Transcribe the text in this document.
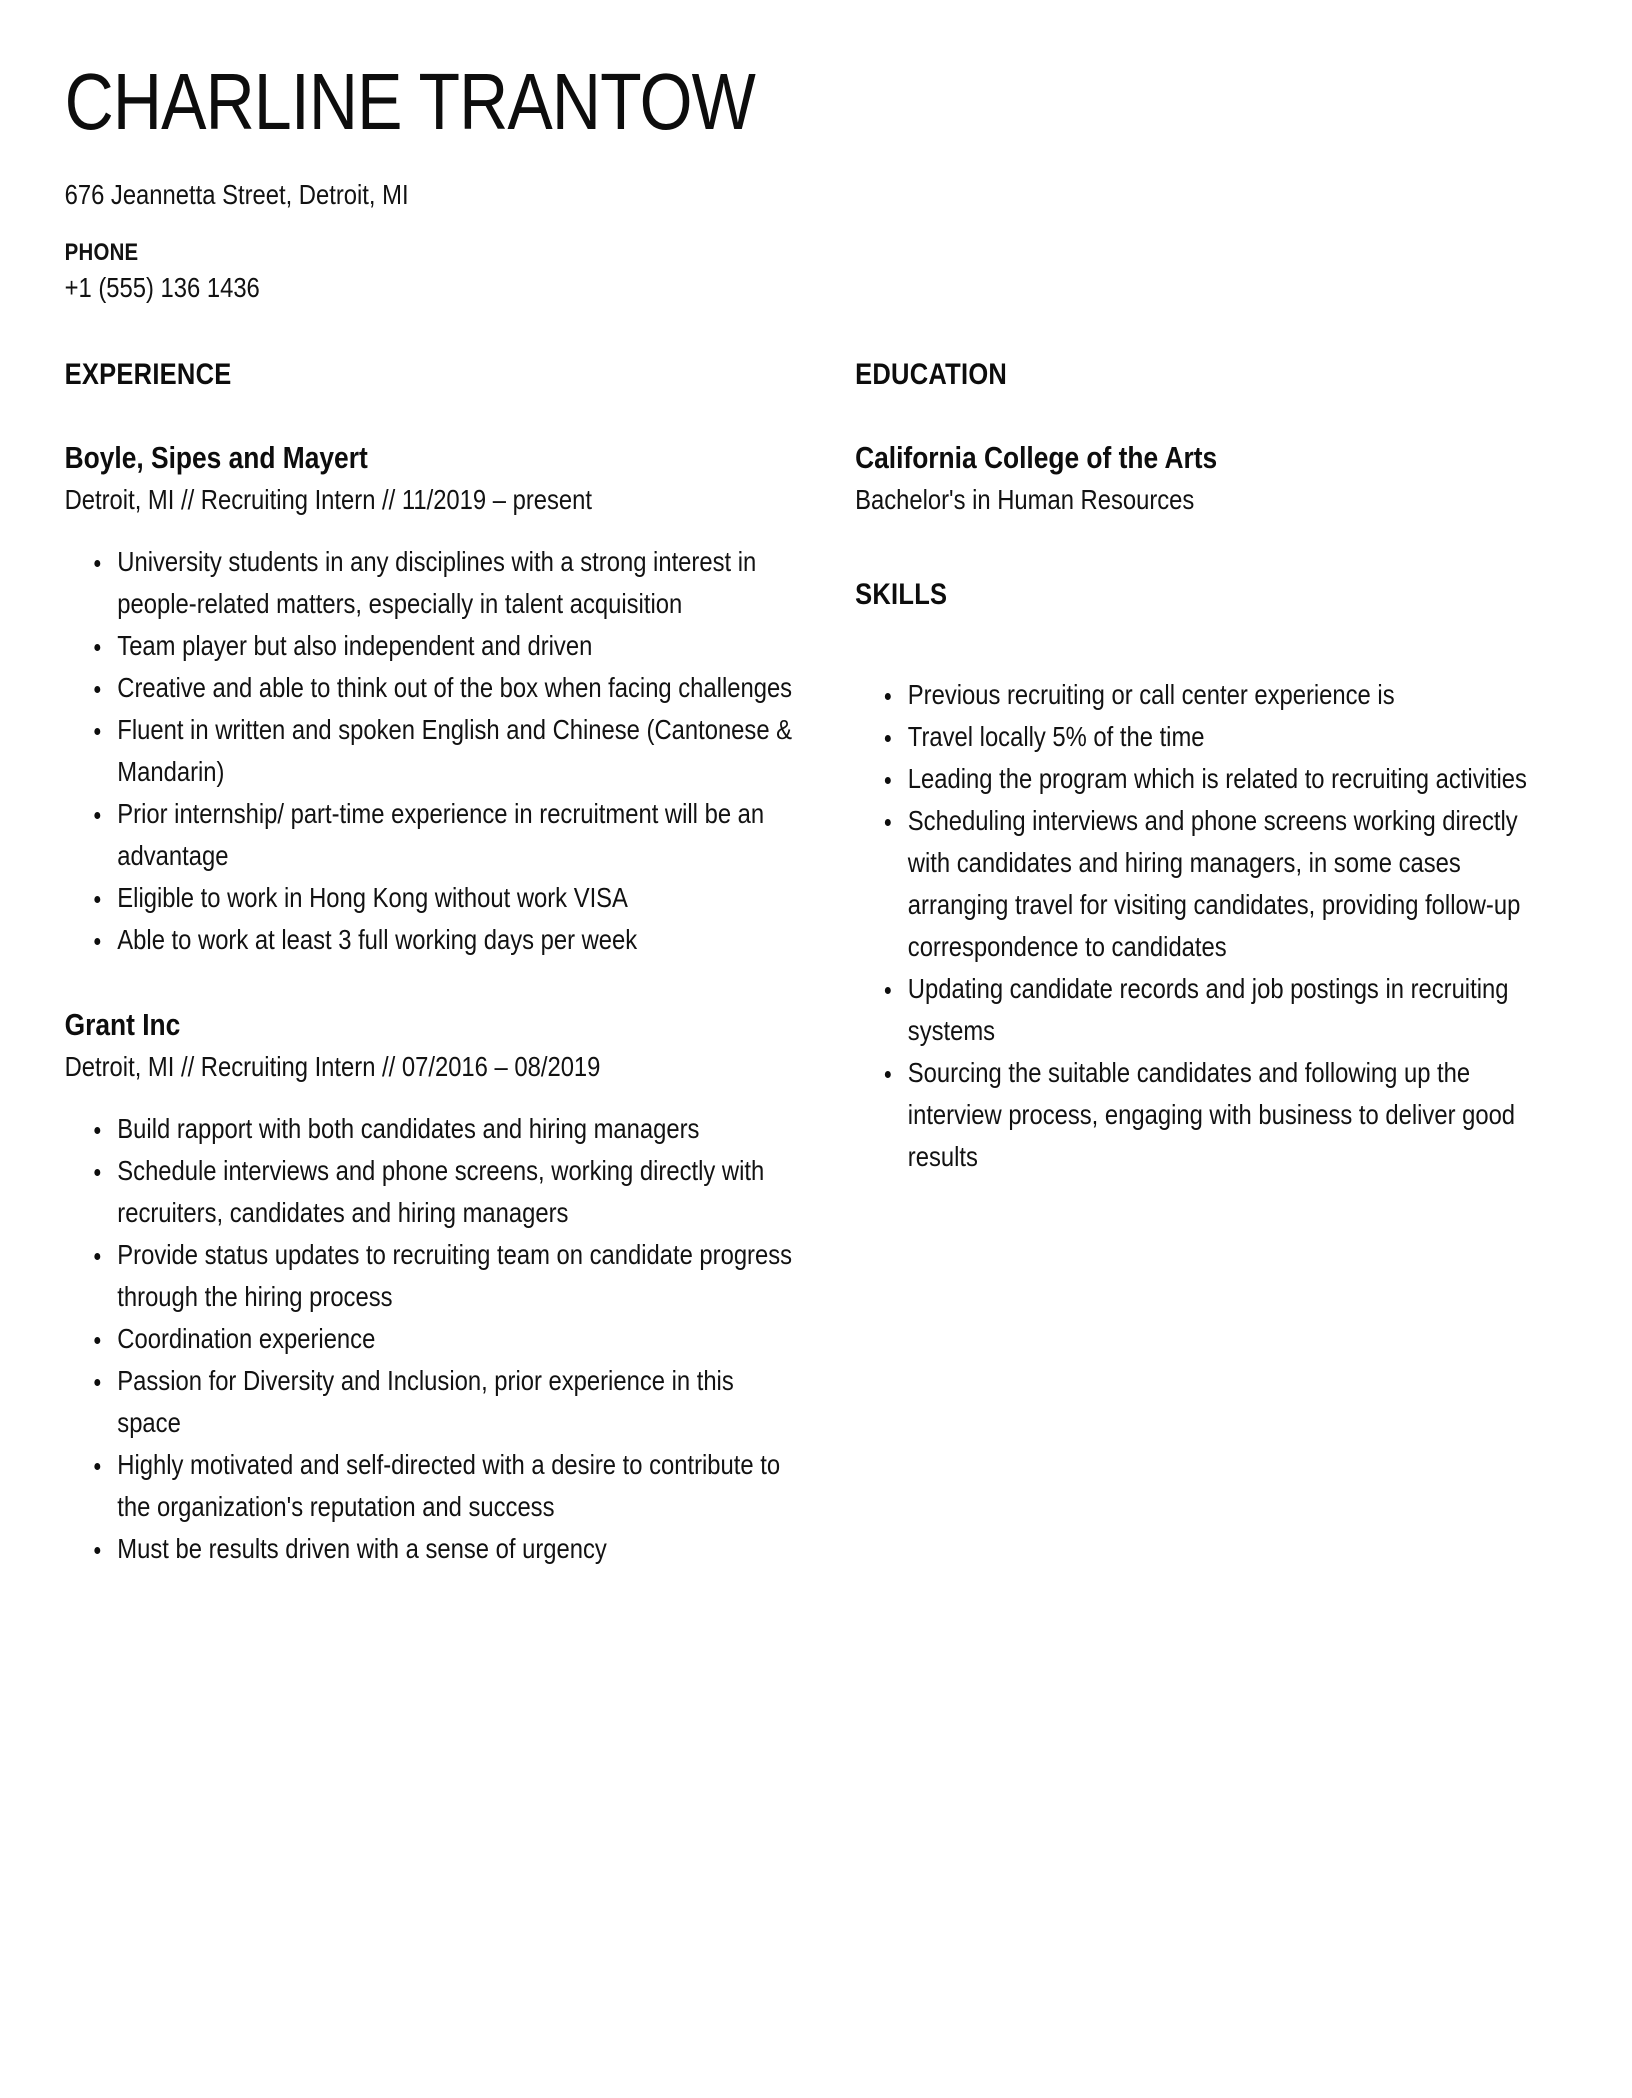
CHARLINE TRANTOW

676 Jeannetta Street, Detroit, MI

PHONE

+1 (555) 136 1436

EXPERIENCE
Boyle, Sipes and Mayert

Detroit, MI // Recruiting Intern // 11/2019 – present

• University students in any disciplines with a strong interest in people-related matters, especially in talent acquisition
• Team player but also independent and driven
• Creative and able to think out of the box when facing challenges
• Fluent in written and spoken English and Chinese (Cantonese & Mandarin)
• Prior internship/ part-time experience in recruitment will be an advantage
• Eligible to work in Hong Kong without work VISA
• Able to work at least 3 full working days per week
Grant Inc

Detroit, MI // Recruiting Intern // 07/2016 – 08/2019

• Build rapport with both candidates and hiring managers
• Schedule interviews and phone screens, working directly with recruiters, candidates and hiring managers
• Provide status updates to recruiting team on candidate progress through the hiring process
• Coordination experience
• Passion for Diversity and Inclusion, prior experience in this space
• Highly motivated and self-directed with a desire to contribute to the organization's reputation and success
• Must be results driven with a sense of urgency
EDUCATION
California College of the Arts

Bachelor's in Human Resources

SKILLS
• Previous recruiting or call center experience is
• Travel locally 5% of the time
• Leading the program which is related to recruiting activities
• Scheduling interviews and phone screens working directly with candidates and hiring managers, in some cases arranging travel for visiting candidates, providing follow-up correspondence to candidates
• Updating candidate records and job postings in recruiting systems
• Sourcing the suitable candidates and following up the interview process, engaging with business to deliver good results
